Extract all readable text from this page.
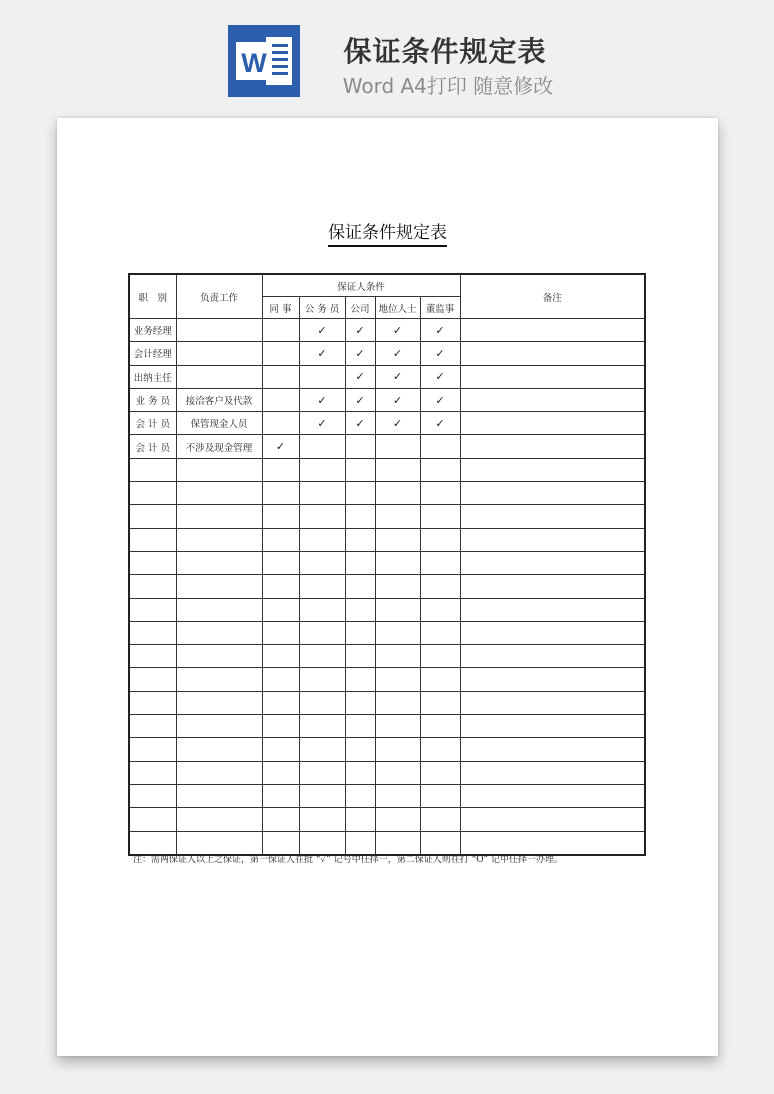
W	保证条件规定表
Word A4打印 随意修改
保证条件规定表
职　别	负责工作	保证人条件					备注
		同 事	公 务 员	公司	地位人士	董监事	
业务经理			✓	✓	✓	✓	
会计经理			✓	✓	✓	✓	
出纳主任				✓	✓	✓	
业 务 员	接洽客户及代款		✓	✓	✓	✓	
会 计 员	保管现金人员		✓	✓	✓	✓	
会 计 员	不涉及现金管理	✓					

注：需两保证人以上之保证，第一保证人在批 “✓” 记号中任择一，第二保证人则在打 “O” 记中任择一办理。
